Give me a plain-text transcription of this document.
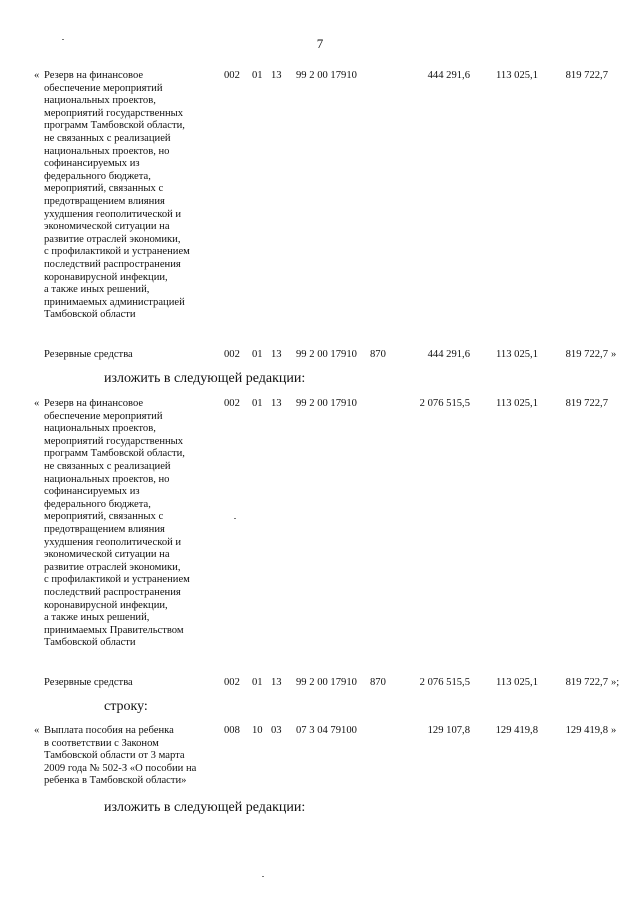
7
« Резерв на финансовое
обеспечение мероприятий
национальных проектов,
мероприятий государственных
программ Тамбовской области,
не связанных с реализацией
национальных проектов, но
софинансируемых из
федерального бюджета,
мероприятий, связанных с
предотвращением влияния
ухудшения геополитической и
экономической ситуации на
развитие отраслей экономики,
с профилактикой и устранением
последствий распространения
коронавирусной инфекции,
а также иных решений,
принимаемых администрацией
Тамбовской области
002 01 13 99 2 00 17910	444 291,6 113 025,1	819 722,7
Резервные средства	002 01 13 99 2 00 17910 870	444 291,6 113 025,1	819 722,7 »
изложить в следующей редакции:
« Резерв на финансовое
обеспечение мероприятий
национальных проектов,
мероприятий государственных
программ Тамбовской области,
не связанных с реализацией
национальных проектов, но
софинансируемых из
федерального бюджета,
мероприятий, связанных с
предотвращением влияния
ухудшения геополитической и
экономической ситуации на
развитие отраслей экономики,
с профилактикой и устранением
последствий распространения
коронавирусной инфекции,
а также иных решений,
принимаемых Правительством
Тамбовской области
002 01 13 99 2 00 17910	2 076 515,5 113 025,1	819 722,7
Резервные средства	002 01 13 99 2 00 17910 870	2 076 515,5 113 025,1	819 722,7 »;
строку:
« Выплата пособия на ребенка
в соответствии с Законом
Тамбовской области от 3 марта
2009 года № 502-З «О пособии на
ребенка в Тамбовской области»
008 10 03 07 3 04 79100	129 107,8 129 419,8	129 419,8 »
изложить в следующей редакции:
